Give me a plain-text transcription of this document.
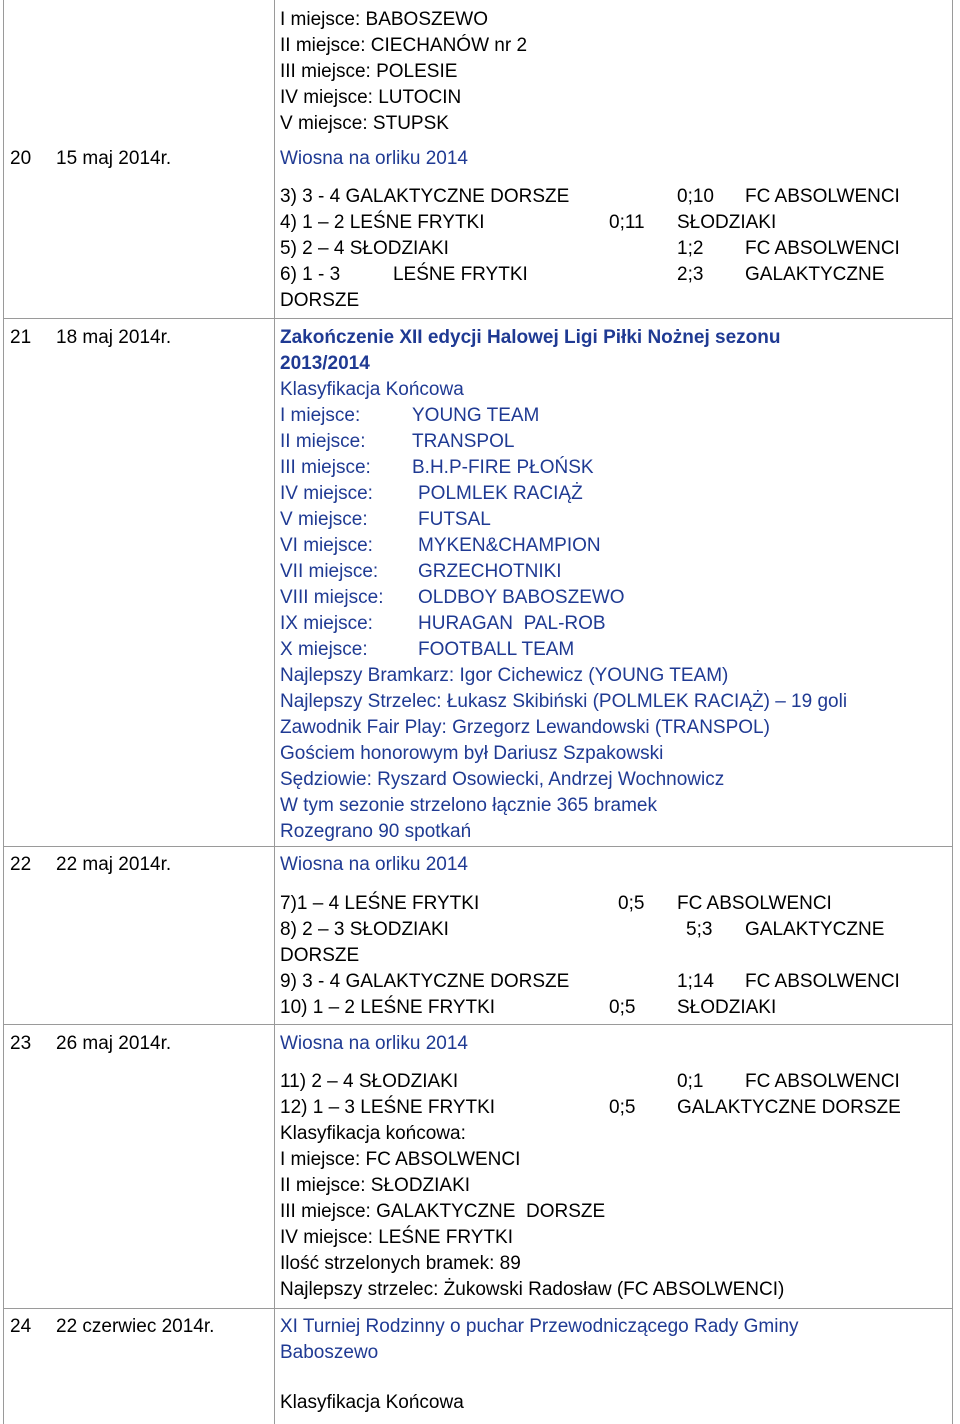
I miejsce: BABOSZEWO
II miejsce: CIECHANÓW nr 2
III miejsce: POLESIE
IV miejsce: LUTOCIN
V miejsce: STUPSK
20 15 maj 2014r.	Wiosna na orliku 2014
3) 3 - 4 GALAKTYCZNE DORSZE	0;10 FC ABSOLWENCI
4) 1 – 2 LEŚNE FRYTKI	0;11 SŁODZIAKI
5) 2 – 4 SŁODZIAKI	1;2 FC ABSOLWENCI
6) 1 - 3          LEŚNE FRYTKI	2;3 GALAKTYCZNE
DORSZE
21 18 maj 2014r.	Zakończenie XII edycji Halowej Ligi Piłki Nożnej sezonu
2013/2014
Klasyfikacja Końcowa
I miejsce:	YOUNG TEAM
II miejsce: TRANSPOL
III miejsce: B.H.P-FIRE PŁOŃSK
IV miejsce: POLMLEK RACIĄŻ
V miejsce:	FUTSAL
VI miejsce: MYKEN&CHAMPION
VII miejsce: GRZECHOTNIKI
VIII miejsce: OLDBOY BABOSZEWO
IX miejsce: HURAGAN  PAL-ROB
X miejsce:	FOOTBALL TEAM
Najlepszy Bramkarz: Igor Cichewicz (YOUNG TEAM)
Najlepszy Strzelec: Łukasz Skibiński (POLMLEK RACIĄŻ) – 19 goli
Zawodnik Fair Play: Grzegorz Lewandowski (TRANSPOL)
Gościem honorowym był Dariusz Szpakowski
Sędziowie: Ryszard Osowiecki, Andrzej Wochnowicz
W tym sezonie strzelono łącznie 365 bramek
Rozegrano 90 spotkań
22 22 maj 2014r.	Wiosna na orliku 2014
7)1 – 4 LEŚNE FRYTKI	0;5 FC ABSOLWENCI
8) 2 – 3 SŁODZIAKI	5;3 GALAKTYCZNE
DORSZE
9) 3 - 4 GALAKTYCZNE DORSZE	1;14 FC ABSOLWENCI
10) 1 – 2 LEŚNE FRYTKI	0;5 SŁODZIAKI
23 26 maj 2014r.	Wiosna na orliku 2014
11) 2 – 4 SŁODZIAKI	0;1 FC ABSOLWENCI
12) 1 – 3 LEŚNE FRYTKI	0;5 GALAKTYCZNE DORSZE
Klasyfikacja końcowa:
I miejsce: FC ABSOLWENCI
II miejsce: SŁODZIAKI
III miejsce: GALAKTYCZNE  DORSZE
IV miejsce: LEŚNE FRYTKI
Ilość strzelonych bramek: 89
Najlepszy strzelec: Żukowski Radosław (FC ABSOLWENCI)
24 22 czerwiec 2014r.	XI Turniej Rodzinny o puchar Przewodniczącego Rady Gminy
Baboszewo
Klasyfikacja Końcowa
